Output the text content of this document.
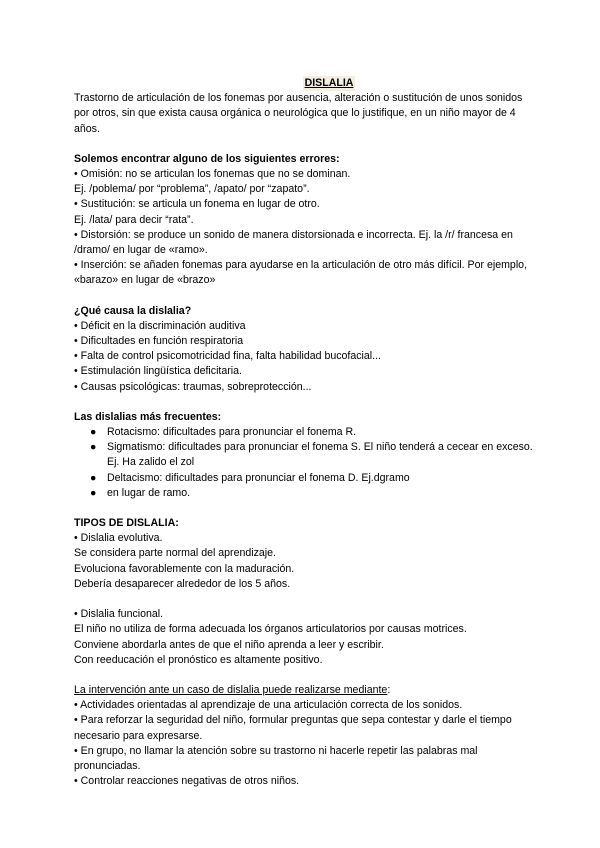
DISLALIA

Trastorno de articulación de los fonemas por ausencia, alteración o sustitución de unos sonidos por otros, sin que exista causa orgánica o neurológica que lo justifique, en un niño mayor de 4 años.

Solemos encontrar alguno de los siguientes errores:

• Omisión: no se articulan los fonemas que no se dominan.

Ej. /poblema/ por “problema”, /apato/ por “zapato”.

• Sustitución: se articula un fonema en lugar de otro.

Ej. /lata/ para decir “rata”.

• Distorsión: se produce un sonido de manera distorsionada e incorrecta. Ej. la /r/ francesa en /dramo/ en lugar de «ramo».

• Inserción: se añaden fonemas para ayudarse en la articulación de otro más difícil. Por ejemplo, «barazo» en lugar de «brazo»

¿Qué causa la dislalia?

• Déficit en la discriminación auditiva

• Dificultades en función respiratoria

• Falta de control psicomotricidad fina, falta habilidad bucofacial...

• Estimulación lingüística deficitaria.

• Causas psicológicas: traumas, sobreprotección...

Las dislalias más frecuentes:

● Rotacismo: dificultades para pronunciar el fonema R.
● Sigmatismo: dificultades para pronunciar el fonema S. El niño tenderá a cecear en exceso. Ej. Ha zalido el zol
● Deltacismo: dificultades para pronunciar el fonema D. Ej.dgramo
● en lugar de ramo.

TIPOS DE DISLALIA:

• Dislalia evolutiva.

Se considera parte normal del aprendizaje.

Evoluciona favorablemente con la maduración.

Debería desaparecer alrededor de los 5 años.

• Dislalia funcional.

El niño no utiliza de forma adecuada los órganos articulatorios por causas motrices.

Conviene abordarla antes de que el niño aprenda a leer y escribir.

Con reeducación el pronóstico es altamente positivo.

La intervención ante un caso de dislalia puede realizarse mediante:

• Actividades orientadas al aprendizaje de una articulación correcta de los sonidos.

• Para reforzar la seguridad del niño, formular preguntas que sepa contestar y darle el tiempo necesario para expresarse.

• En grupo, no llamar la atención sobre su trastorno ni hacerle repetir las palabras mal pronunciadas.

• Controlar reacciones negativas de otros niños.
